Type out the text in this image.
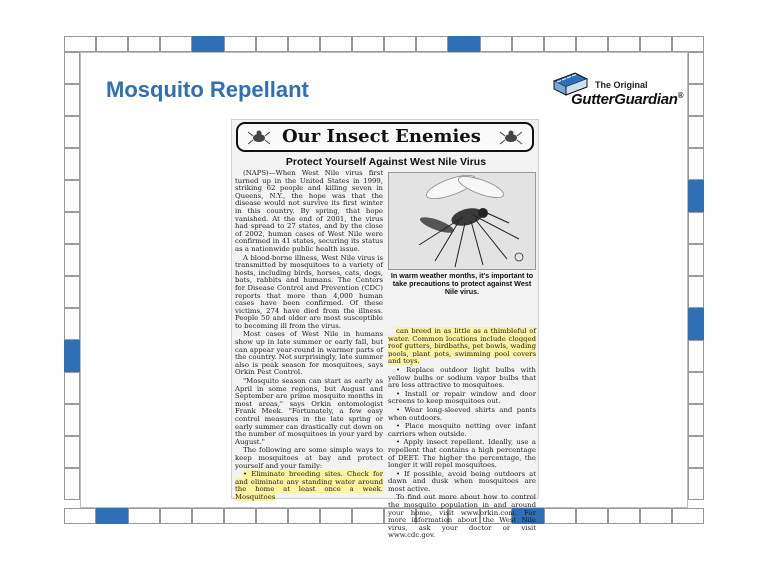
Mosquito Repellant	The Original
GutterGuardian®
Our Insect Enemies
Protect Yourself Against West Nile Virus

(NAPS)—When West Nile virus first turned up in the United States in 1999, striking 62 people and killing seven in Queens, N.Y., the hope was that the disease would not survive its first winter in this country. By spring, that hope vanished. At the end of 2001, the virus had spread to 27 states, and by the close of 2002, human cases of West Nile were confirmed in 41 states, securing its status as a nationwide public health issue.

A blood-borne illness, West Nile virus is transmitted by mosquitoes to a variety of hosts, including birds, horses, cats, dogs, bats, rabbits and humans. The Centers for Disease Control and Prevention (CDC) reports that more than 4,000 human cases have been confirmed. Of these victims, 274 have died from the illness. People 50 and older are most susceptible to becoming ill from the virus.

Most cases of West Nile in humans show up in late summer or early fall, but can appear year-round in warmer parts of the country. Not surprisingly, late summer also is peak season for mosquitoes, says Orkin Pest Control.

"Mosquito season can start as early as April in some regions, but August and September are prime mosquito months in most areas," says Orkin entomologist Frank Meek. "Fortunately, a few easy control measures in the late spring or early summer can drastically cut down on the number of mosquitoes in your yard by August."

The following are some simple ways to keep mosquitoes at bay and protect yourself and your family:

• Eliminate breeding sites. Check for and eliminate any standing water around the home at least once a week. Mosquitoes

In warm weather months, it's important to take precautions to protect against West Nile virus.

can breed in as little as a thimbleful of water. Common locations include clogged roof gutters, birdbaths, pet bowls, wading pools, plant pots, swimming pool covers and toys.

• Replace outdoor light bulbs with yellow bulbs or sodium vapor bulbs that are less attractive to mosquitoes.

• Install or repair window and door screens to keep mosquitoes out.

• Wear long-sleeved shirts and pants when outdoors.

• Place mosquito netting over infant carriers when outside.

• Apply insect repellent. Ideally, use a repellent that contains a high percentage of DEET. The higher the percentage, the longer it will repel mosquitoes.

• If possible, avoid being outdoors at dawn and dusk when mosquitoes are most active.

To find out more about how to control the mosquito population in and around your home, visit www.orkin.com. For more information about the West Nile virus, ask your doctor or visit www.cdc.gov.
